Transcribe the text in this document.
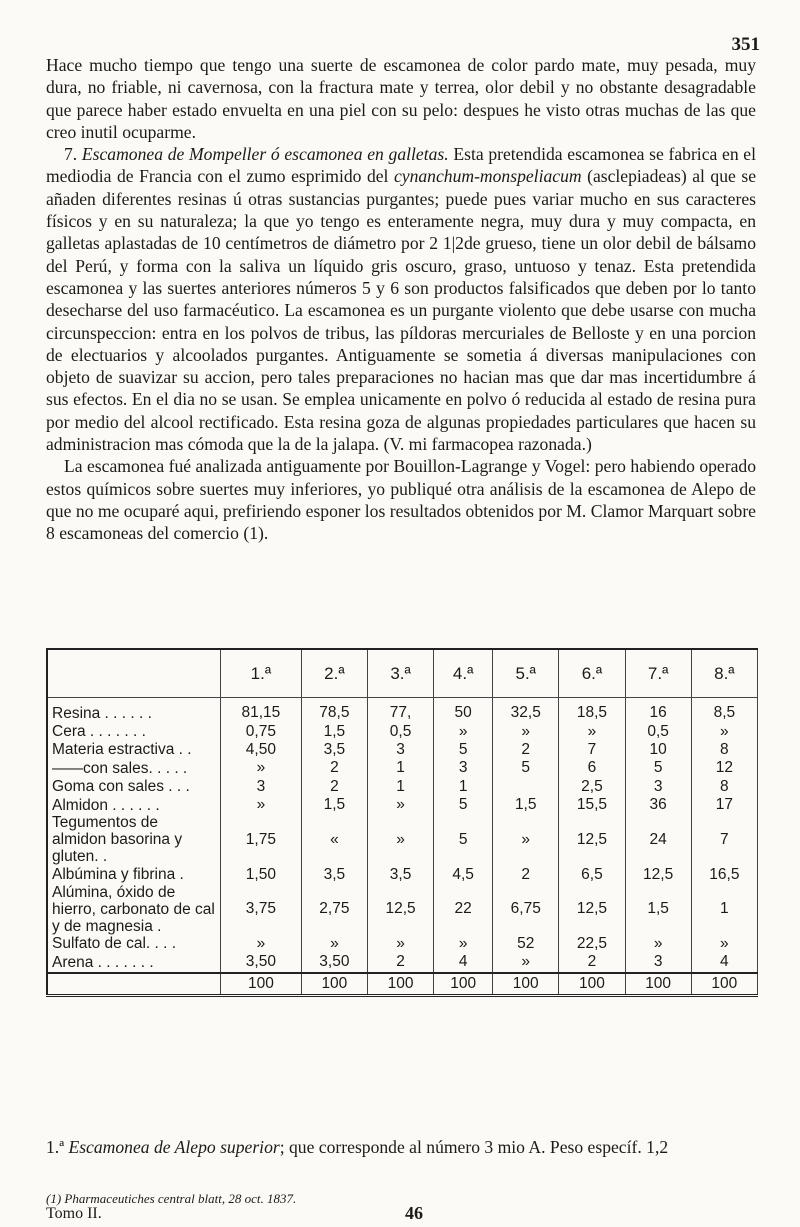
351

Hace mucho tiempo que tengo una suerte de escamonea de color pardo mate, muy pesada, muy dura, no friable, ni cavernosa, con la fractura mate y terrea, olor debil y no obstante desagradable que parece haber estado envuelta en una piel con su pelo: despues he visto otras muchas de las que creo inutil ocuparme.

7. Escamonea de Mompeller ó escamonea en galletas. Esta pretendida escamonea se fabrica en el mediodia de Francia con el zumo esprimido del cynanchum-monspeliacum (asclepiadeas) al que se añaden diferentes resinas ú otras sustancias purgantes; puede pues variar mucho en sus caracteres físicos y en su naturaleza; la que yo tengo es enteramente negra, muy dura y muy compacta, en galletas aplastadas de 10 centímetros de diámetro por 2 1|2de grueso, tiene un olor debil de bálsamo del Perú, y forma con la saliva un líquido gris oscuro, graso, untuoso y tenaz. Esta pretendida escamonea y las suertes anteriores números 5 y 6 son productos falsificados que deben por lo tanto desecharse del uso farmacéutico. La escamonea es un purgante violento que debe usarse con mucha circunspeccion: entra en los polvos de tribus, las píldoras mercuriales de Belloste y en una porcion de electuarios y alcoolados purgantes. Antiguamente se sometia á diversas manipulaciones con objeto de suavizar su accion, pero tales preparaciones no hacian mas que dar mas incertidumbre á sus efectos. En el dia no se usan. Se emplea unicamente en polvo ó reducida al estado de resina pura por medio del alcool rectificado. Esta resina goza de algunas propiedades particulares que hacen su administracion mas cómoda que la de la jalapa. (V. mi farmacopea razonada.)

La escamonea fué analizada antiguamente por Bouillon-Lagrange y Vogel: pero habiendo operado estos químicos sobre suertes muy inferiores, yo publiqué otra análisis de la escamonea de Alepo de que no me ocuparé aqui, prefiriendo esponer los resultados obtenidos por M. Clamor Marquart sobre 8 escamoneas del comercio (1).

	1.ª	2.ª	3.ª	4.ª	5.ª	6.ª	7.ª	8.ª
Resina . . . . . .	81,15	78,5	77,	50	32,5	18,5	16	8,5
Cera . . . . . . .	0,75	1,5	0,5	»	»	»	0,5	»
Materia estractiva . .	4,50	3,5	3	5	2	7	10	8
——con sales. . . . .	»	2	1	3	5	6	5	12
Goma con sales . . .	3	2	1	1		2,5	3	8
Almidon . . . . . .	»	1,5	»	5	1,5	15,5	36	17
Tegumentos de almidon basorina y gluten. .	1,75	«	»	5	»	12,5	24	7
Albúmina y fibrina .	1,50	3,5	3,5	4,5	2	6,5	12,5	16,5
Alúmina, óxido de hierro, carbonato de cal y de magnesia .	3,75	2,75	12,5	22	6,75	12,5	1,5	1
Sulfato de cal. . . .	»	»	»	»	52	22,5	»	»
Arena . . . . . . .	3,50	3,50	2	4	»	2	3	4
	100	100	100	100	100	100	100	100
1.ª Escamonea de Alepo superior; que corresponde al número 3 mio A. Peso específ. 1,2
(1) Pharmaceutiches central blatt, 28 oct. 1837.
Tomo II.	46
